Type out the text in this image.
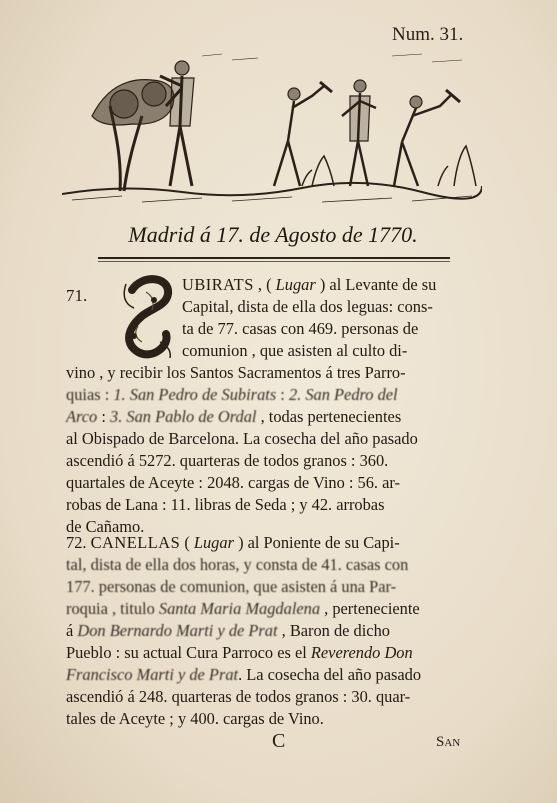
⁠ ⁠ ⁠ ⁠
Num. 31.
Madrid á 17. de Agosto de 1770.
71.
UBIRATS , ( Lugar ) al Levante de su
Capital, dista de ella dos leguas: cons-
ta de 77. casas con 469. personas de
comunion , que asisten al culto di-
vino , y recibir los Santos Sacramentos á tres Parro-
quias : 1. San Pedro de Subirats : 2. San Pedro del
Arco : 3. San Pablo de Ordal , todas pertenecientes
al Obispado de Barcelona. La cosecha del año pasado
ascendió á 5272. quarteras de todos granos : 360.
quartales de Aceyte : 2048. cargas de Vino : 56. ar-
robas de Lana : 11. libras de Seda ; y 42. arrobas
de Cañamo.
72. CANELLAS ( Lugar ) al Poniente de su Capi-
tal, dista de ella dos horas, y consta de 41. casas con
177. personas de comunion, que asisten á una Par-
roquia , titulo Santa Maria Magdalena , perteneciente
á Don Bernardo Marti y de Prat , Baron de dicho
Pueblo : su actual Cura Parroco es el Reverendo Don
Francisco Marti y de Prat. La cosecha del año pasado
ascendió á 248. quarteras de todos granos : 30. quar-
tales de Aceyte ; y 400. cargas de Vino.
C	San
